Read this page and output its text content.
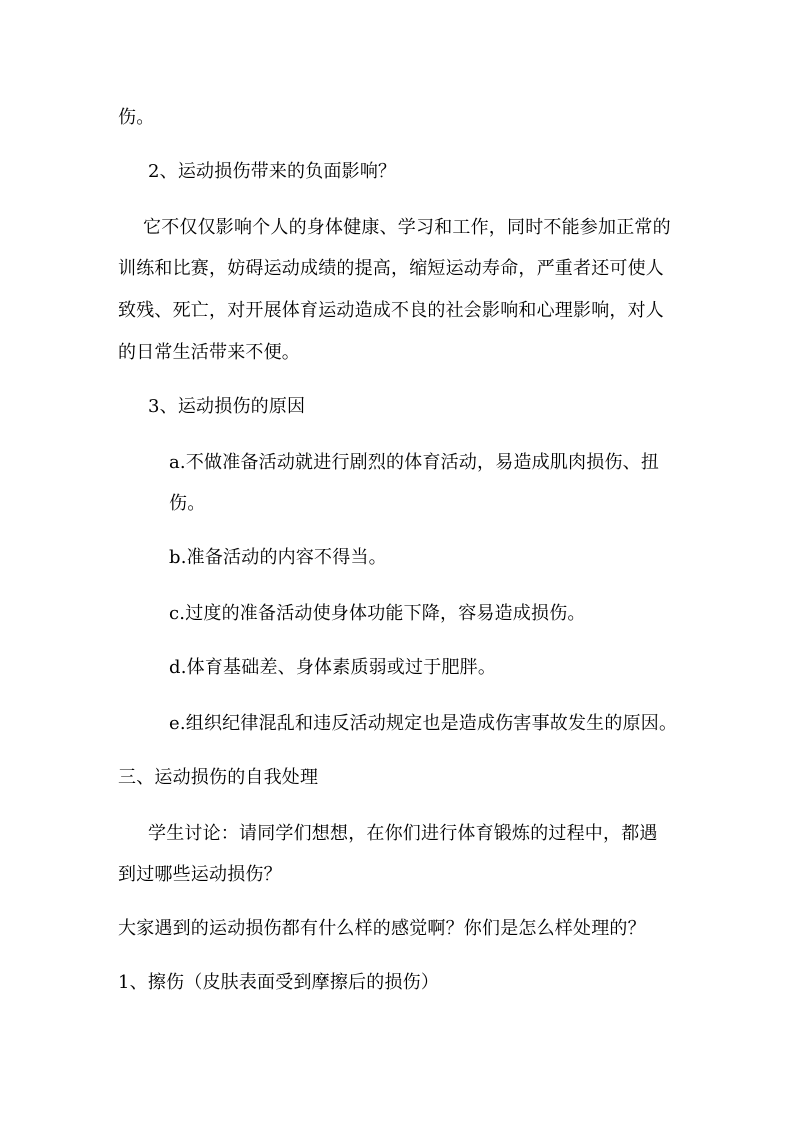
伤。
2、运动损伤带来的负面影响？
它不仅仅影响个人的身体健康、学习和工作，同时不能参加正常的
训练和比赛，妨碍运动成绩的提高，缩短运动寿命，严重者还可使人
致残、死亡，对开展体育运动造成不良的社会影响和心理影响，对人
的日常生活带来不便。
3、运动损伤的原因
a.不做准备活动就进行剧烈的体育活动，易造成肌肉损伤、扭
伤。
b.准备活动的内容不得当。
c.过度的准备活动使身体功能下降，容易造成损伤。
d.体育基础差、身体素质弱或过于肥胖。
e.组织纪律混乱和违反活动规定也是造成伤害事故发生的原因。
三、运动损伤的自我处理
学生讨论：请同学们想想，在你们进行体育锻炼的过程中，都遇
到过哪些运动损伤？
大家遇到的运动损伤都有什么样的感觉啊？你们是怎么样处理的？
1、擦伤（皮肤表面受到摩擦后的损伤）
